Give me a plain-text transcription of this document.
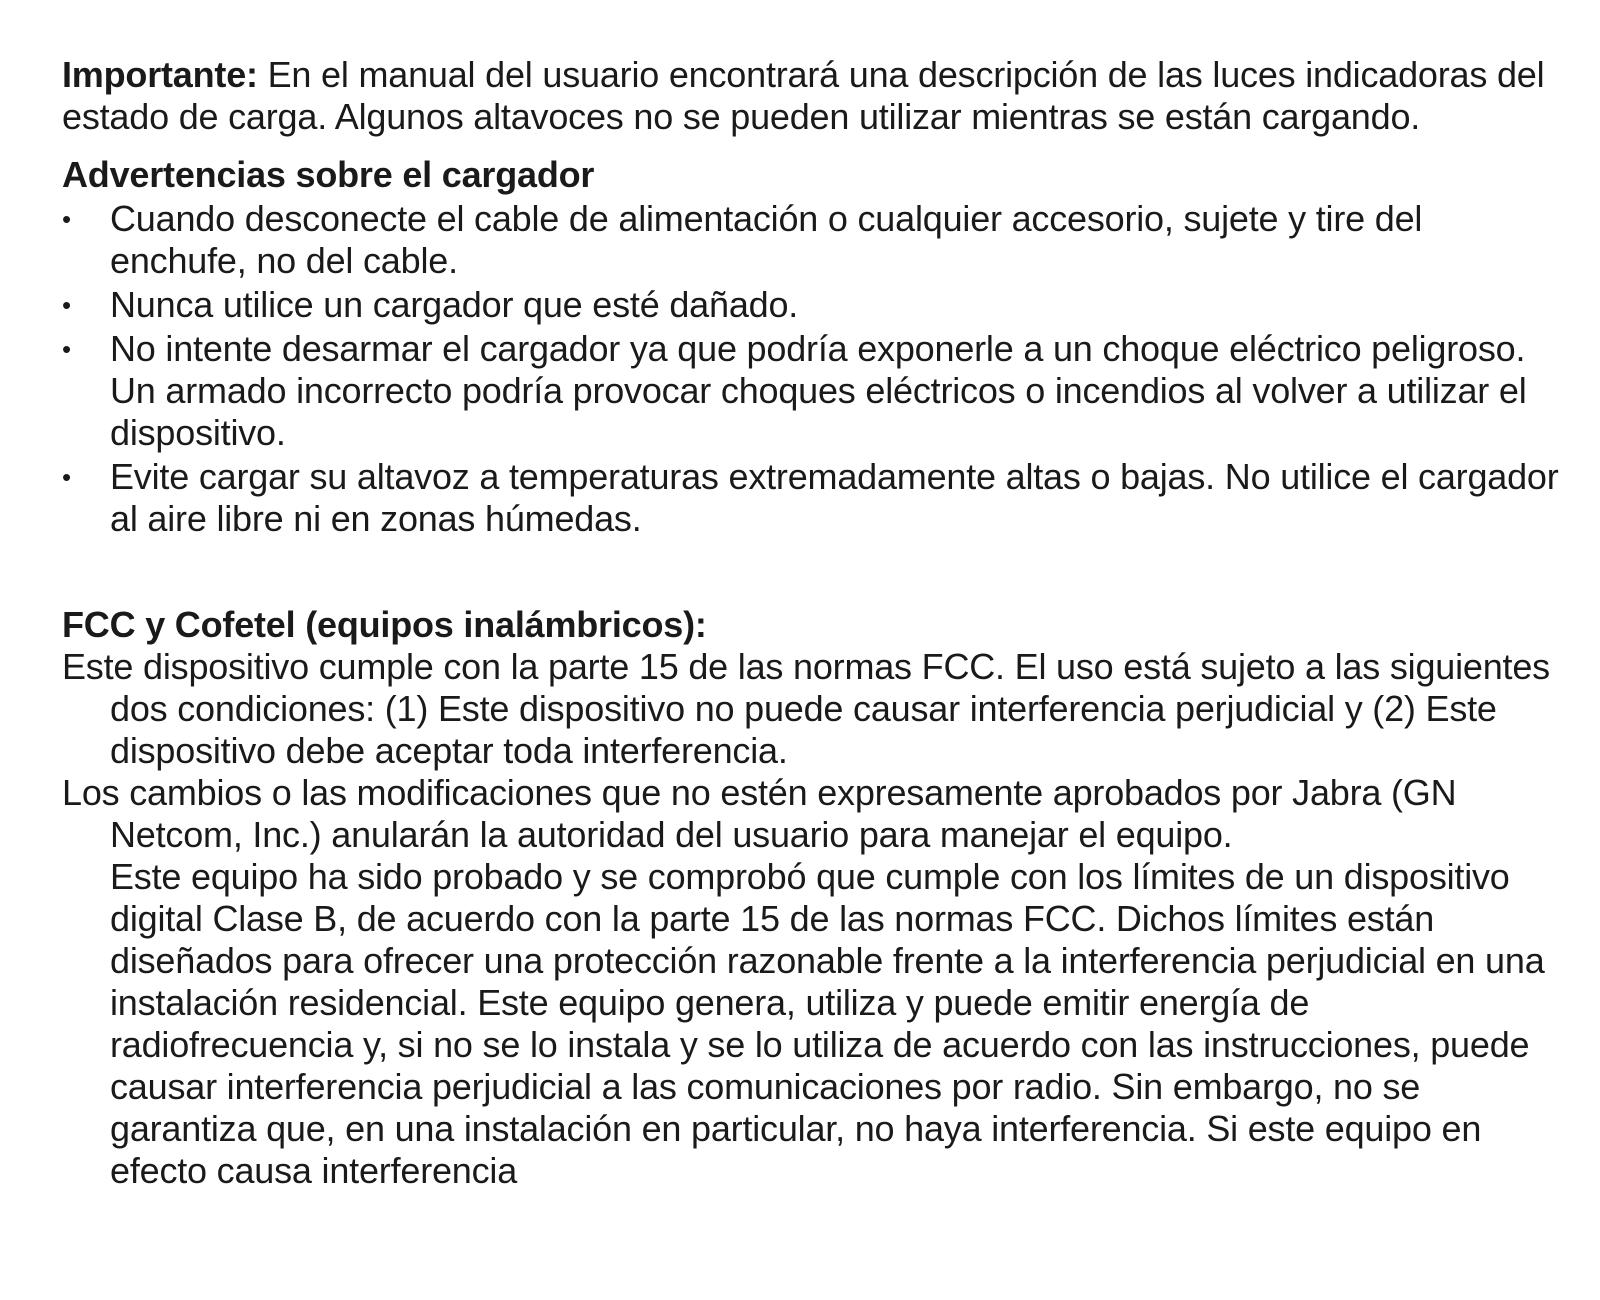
Importante: En el manual del usuario encontrará una descripción de las luces indicadoras del estado de carga. Algunos altavoces no se pueden utilizar mientras se están cargando.

Advertencias sobre el cargador
•	Cuando desconecte el cable de alimentación o cualquier accesorio, sujete y tire del enchufe, no del cable.
•	Nunca utilice un cargador que esté dañado.
•	No intente desarmar el cargador ya que podría exponerle a un choque eléctrico peligroso. Un armado incorrecto podría provocar choques eléctricos o incendios al volver a utilizar el dispositivo.
•	Evite cargar su altavoz a temperaturas extremadamente altas o bajas. No utilice el cargador al aire libre ni en zonas húmedas.
FCC y Cofetel (equipos inalámbricos):

Este dispositivo cumple con la parte 15 de las normas FCC. El uso está sujeto a las siguientes dos condiciones: (1) Este dispositivo no puede causar interferencia perjudicial y (2) Este dispositivo debe aceptar toda interferencia.

Los cambios o las modificaciones que no estén expresamente aprobados por Jabra (GN Netcom, Inc.) anularán la autoridad del usuario para manejar el equipo.
Este equipo ha sido probado y se comprobó que cumple con los límites de un dispositivo digital Clase B, de acuerdo con la parte 15 de las normas FCC. Dichos límites están diseñados para ofrecer una protección razonable frente a la interferencia perjudicial en una instalación residencial. Este equipo genera, utiliza y puede emitir energía de radiofrecuencia y, si no se lo instala y se lo utiliza de acuerdo con las instrucciones, puede causar interferencia perjudicial a las comunicaciones por radio. Sin embargo, no se garantiza que, en una instalación en particular, no haya interferencia. Si este equipo en efecto causa interferencia
